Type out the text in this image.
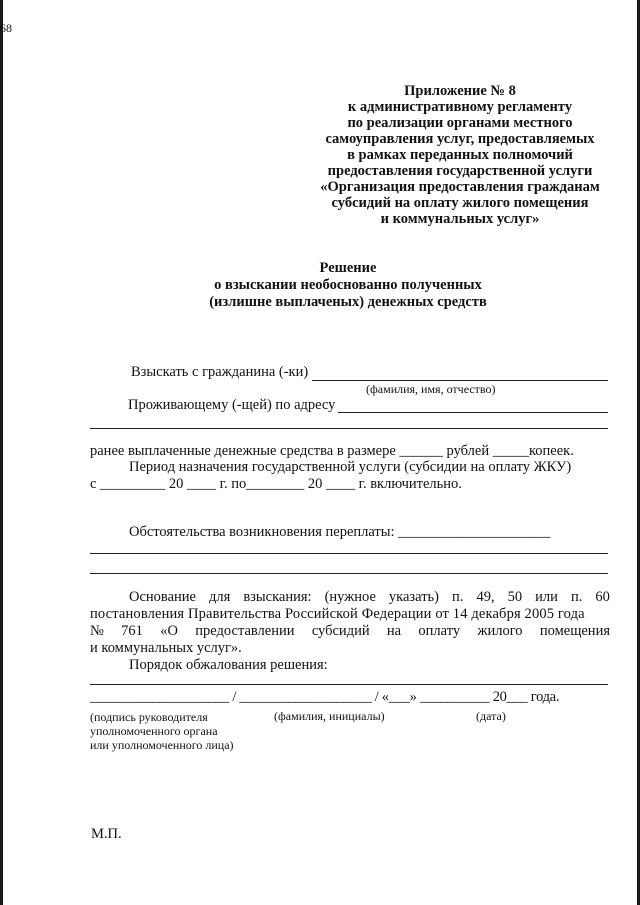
68
Приложение № 8
к административному регламенту
по реализации органами местного
самоуправления услуг, предоставляемых
в рамках переданных полномочий
предоставления государственной услуги
«Организация предоставления гражданам
субсидий на оплату жилого помещения
и коммунальных услуг»
Решение
о взыскании необоснованно полученных
(излишне выплаченых) денежных средств
Взыскать с гражданина (-ки)
(фамилия, имя, отчество)
Проживающему (-щей) по адресу
ранее выплаченные денежные средства в размере ______ рублей _____копеек.
Период назначения государственной услуги (субсидии на оплату ЖКУ)
с _________ 20 ____ г. по________ 20 ____ г. включительно.
Обстоятельства возникновения переплаты: _____________________
Основание для взыскания: (нужное указать) п. 49, 50 или п. 60
постановления Правительства Российской Федерации от 14 декабря 2005 года
№ 761 «О предоставлении субсидий на оплату жилого помещения
и коммунальных услуг».
Порядок обжалования решения:
____________________ / ___________________ / «___» __________ 20___ года.
(подпись руководителя
уполномоченного органа
или уполномоченного лица)
(фамилия, инициалы)	(дата)
М.П.
